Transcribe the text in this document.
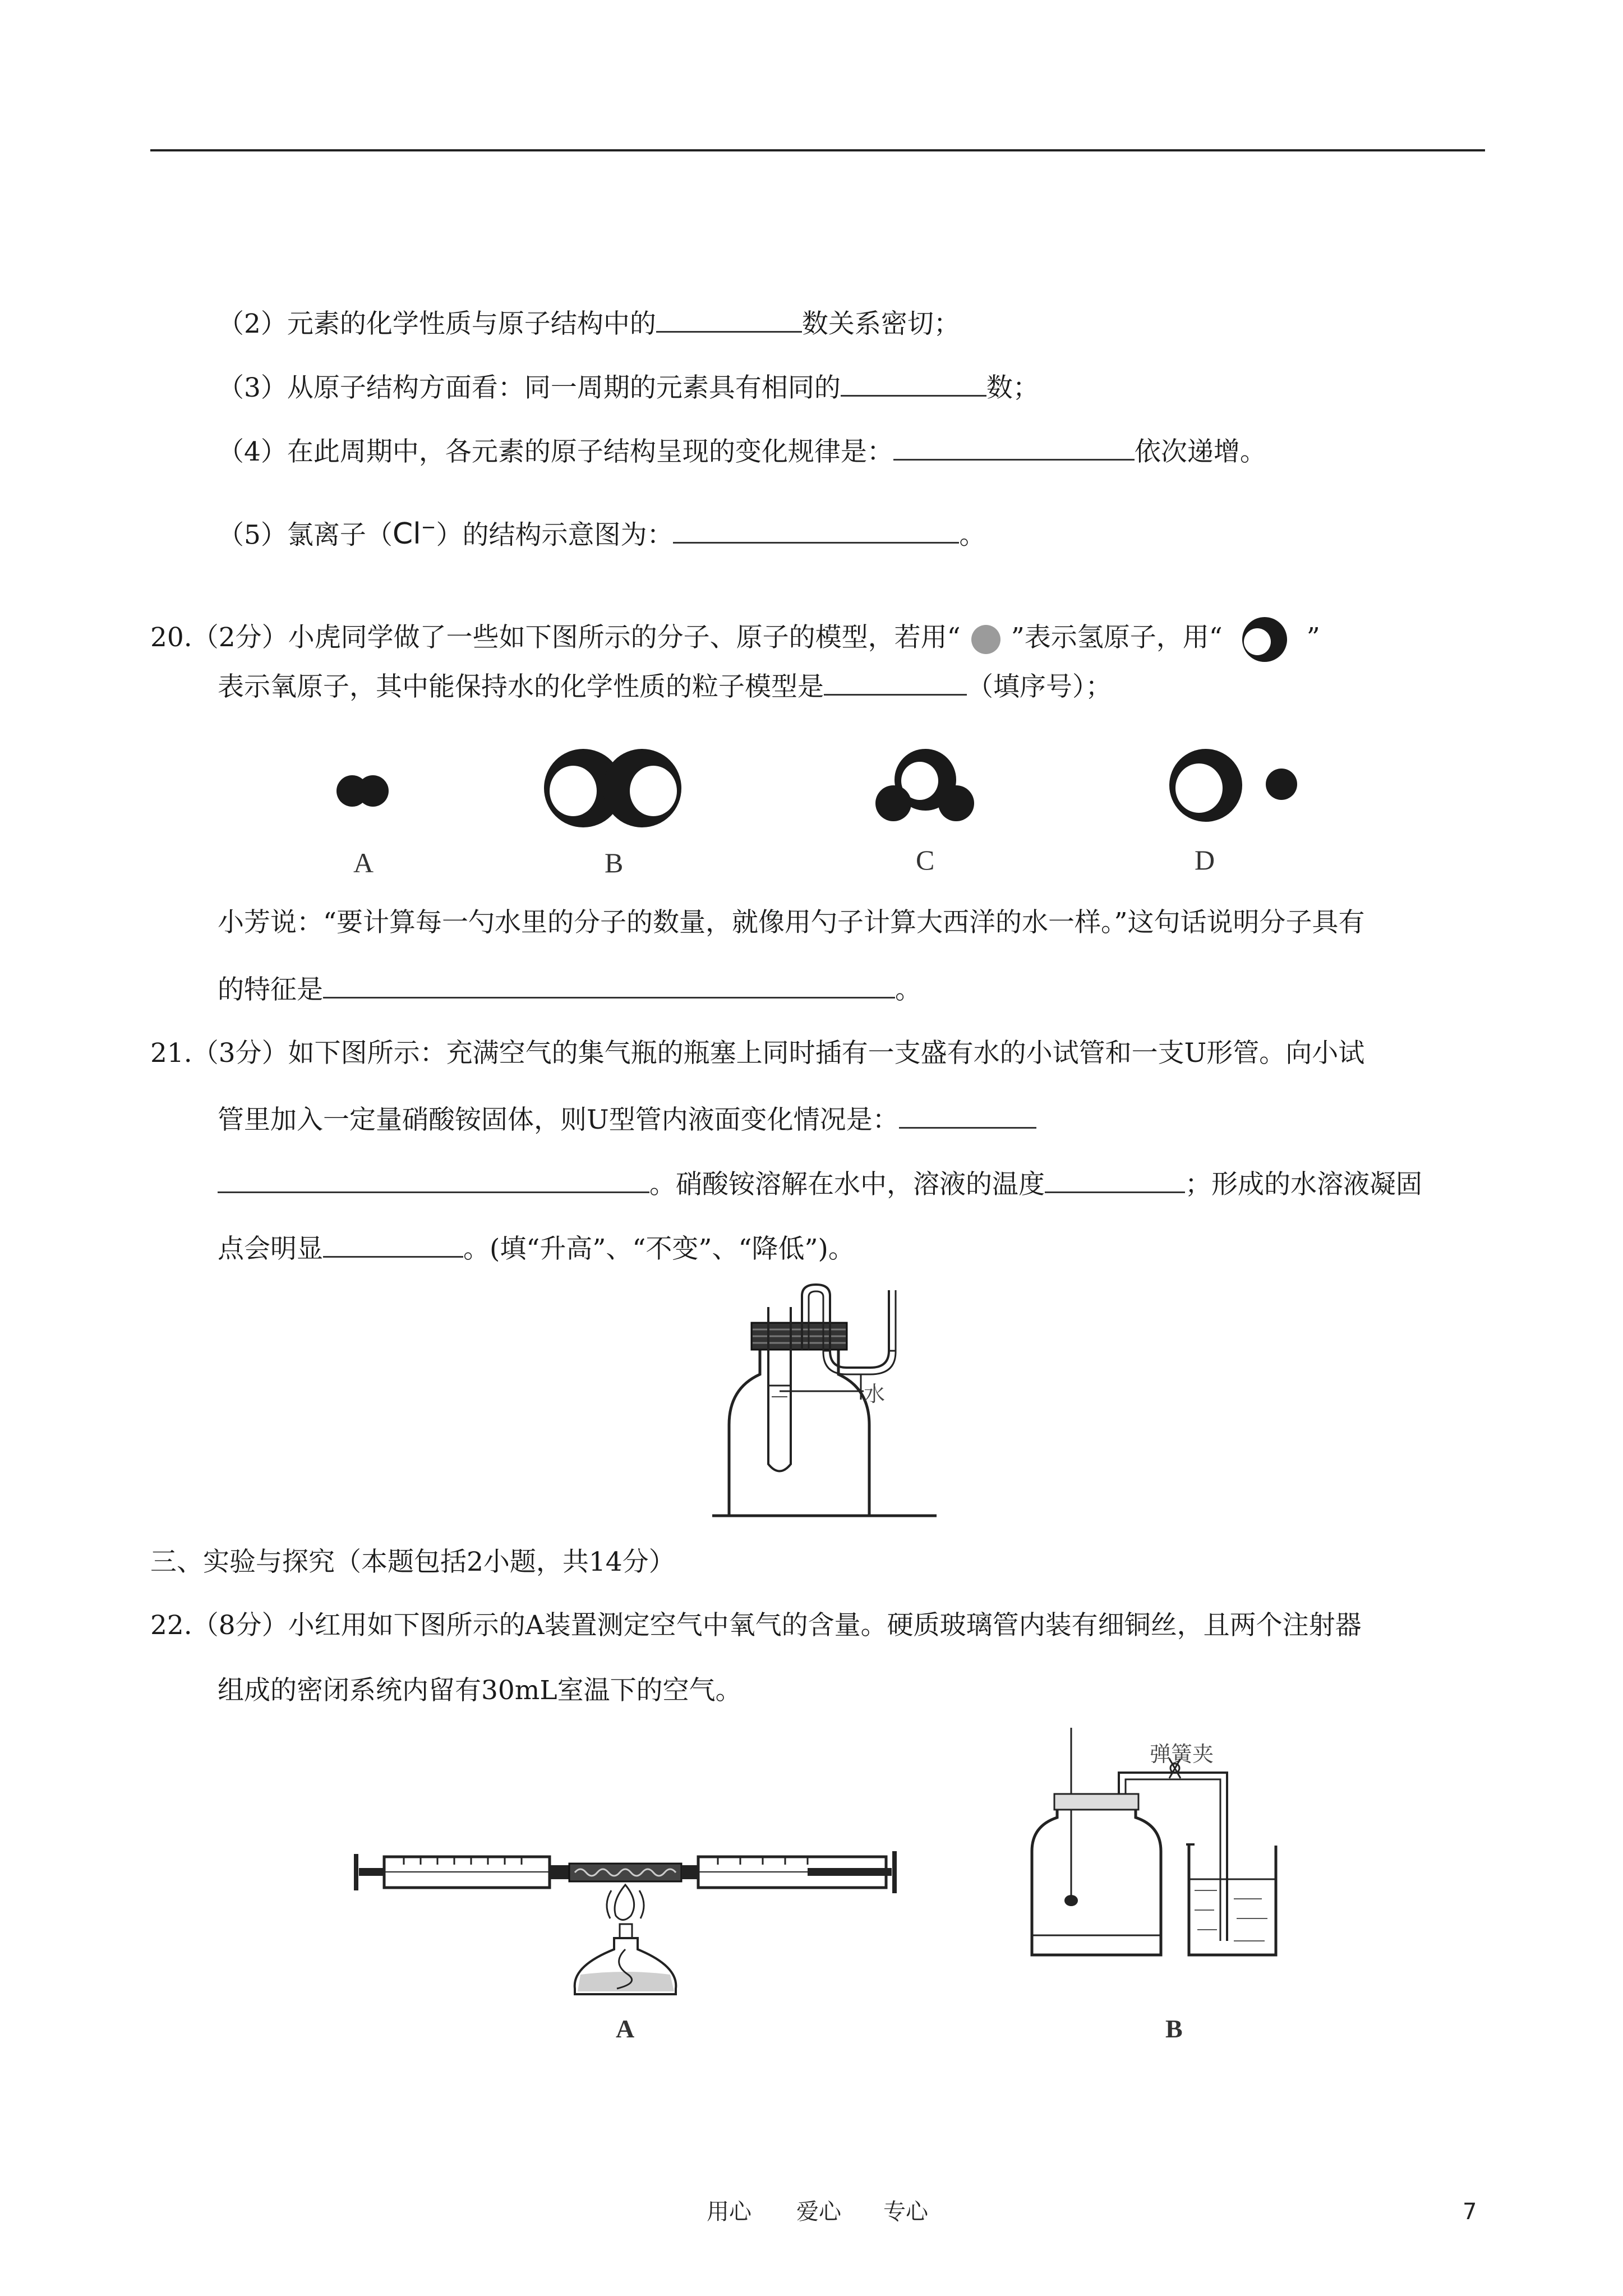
（2）元素的化学性质与原子结构中的	数关系密切；
（3）从原子结构方面看：同一周期的元素具有相同的	数；
（4）在此周期中，各元素的原子结构呈现的变化规律是：	依次递增。
（5）氯离子（Cl−）的结构示意图为：	。
20.（2分）小虎同学做了一些如下图所示的分子、原子的模型，若用“ ”表示氢原子，用“	”
表示氧原子，其中能保持水的化学性质的粒子模型是	（填序号）；
A	B	C	D
小芳说：“要计算每一勺水里的分子的数量，就像用勺子计算大西洋的水一样。”这句话说明分子具有
的特征是	。
21.（3分）如下图所示：充满空气的集气瓶的瓶塞上同时插有一支盛有水的小试管和一支U形管。向小试
管里加入一定量硝酸铵固体，则U型管内液面变化情况是：
。硝酸铵溶解在水中，溶液的温度	；形成的水溶液凝固
点会明显	。(填“升高”、“不变”、“降低”)。
水
三、实验与探究（本题包括2小题，共14分）
22.（8分）小红用如下图所示的A装置测定空气中氧气的含量。硬质玻璃管内装有细铜丝，且两个注射器
组成的密闭系统内留有30mL室温下的空气。
A
弹簧夹
B
用心 爱心 专心	7
